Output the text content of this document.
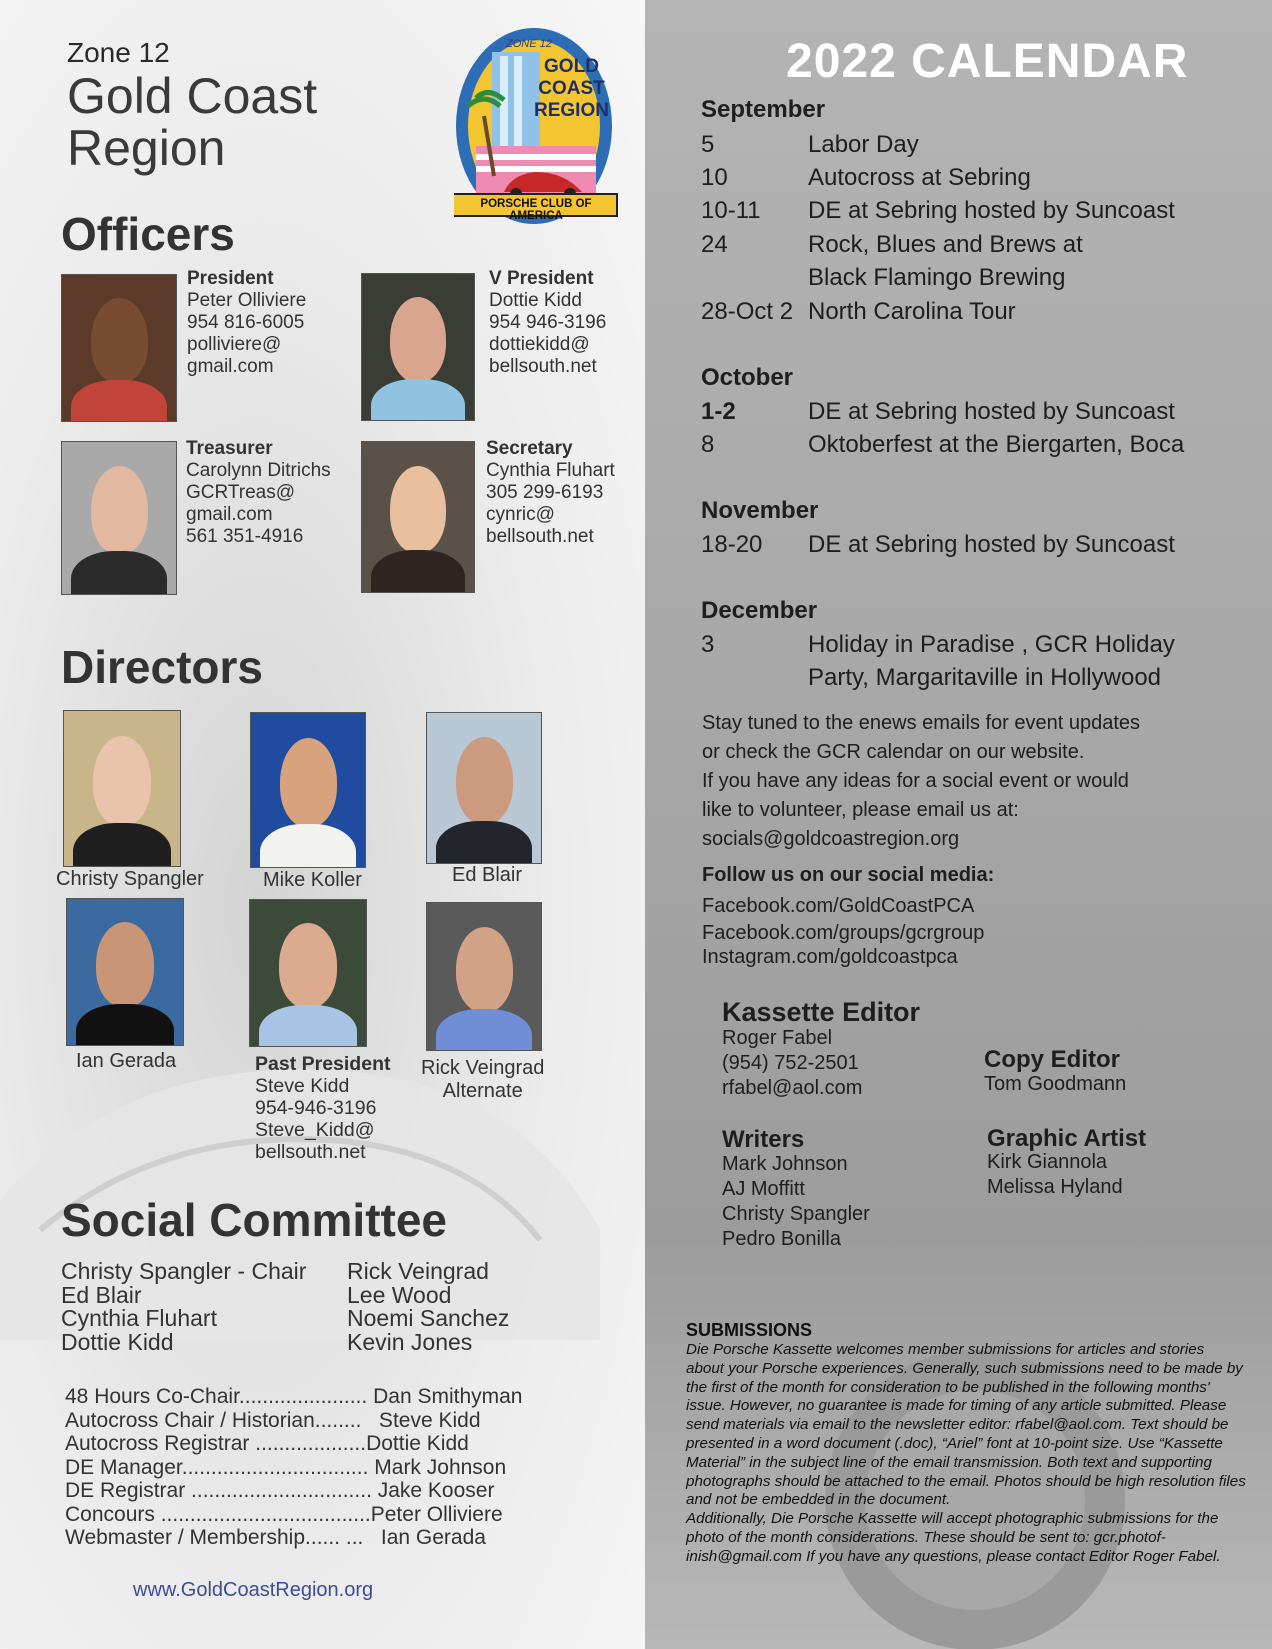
Zone 12
Gold Coast
Region
ZONE 12
GOLD
COAST
REGION
PORSCHE CLUB OF AMERICA
Officers
President
Peter Olliviere
954 816-6005
polliviere@
gmail.com
V President
Dottie Kidd
954 946-3196
dottiekidd@
bellsouth.net
Treasurer
Carolynn Ditrichs
GCRTreas@
gmail.com
561 351-4916
Secretary
Cynthia Fluhart
305 299-6193
cynric@
bellsouth.net
Directors
Christy Spangler	Mike Koller	Ed Blair
Ian Gerada	Past President
Steve Kidd
954-946-3196
Steve_Kidd@
bellsouth.net
Rick Veingrad
Alternate
Social Committee
Christy Spangler - Chair
Ed Blair
Cynthia Fluhart
Dottie Kidd
Rick Veingrad
Lee Wood
Noemi Sanchez
Kevin Jones
48 Hours Co-Chair...................... Dan Smithyman
Autocross Chair / Historian........   Steve Kidd
Autocross Registrar ...................Dottie Kidd
DE Manager................................ Mark Johnson
DE Registrar ............................... Jake Kooser
Concours ....................................Peter Olliviere
Webmaster / Membership...... ...   Ian Gerada
www.GoldCoastRegion.org
2022 CALENDAR
September
5	Labor Day
10	Autocross at Sebring
10-11 DE at Sebring hosted by Suncoast
24	Rock, Blues and Brews at
Black Flamingo Brewing
28-Oct 2 North Carolina Tour
October
1-2	DE at Sebring hosted by Suncoast
8	Oktoberfest at the Biergarten, Boca
November
18-20 DE at Sebring hosted by Suncoast
December
3	Holiday in Paradise , GCR Holiday
Party, Margaritaville in Hollywood
Stay tuned to the enews emails for event updates
or check the GCR calendar on our website.
If you have any ideas for a social event or would
like to volunteer, please email us at:
socials@goldcoastregion.org
Follow us on our social media:
Facebook.com/GoldCoastPCA
Facebook.com/groups/gcrgroup
Instagram.com/goldcoastpca
Kassette Editor
Roger Fabel
(954) 752-2501
rfabel@aol.com
Copy Editor
Tom Goodmann
Writers
Mark Johnson
AJ Moffitt
Christy Spangler
Pedro Bonilla
Graphic Artist
Kirk Giannola
Melissa Hyland
SUBMISSIONS
Die Porsche Kassette welcomes member submissions for articles and stories about your Porsche experiences. Generally, such submissions need to be made by the first of the month for consideration to be published in the following months' issue. However, no guarantee is made for timing of any article submitted. Please send materials via email to the newsletter editor: rfabel@aol.com. Text should be presented in a word document (.doc), “Ariel” font at 10-point size. Use “Kassette Material” in the subject line of the email transmission. Both text and supporting photographs should be attached to the email. Photos should be high resolution files and not be embedded in the document.
Additionally, Die Porsche Kassette will accept photographic submissions for the photo of the month considerations. These should be sent to: gcr.photof-inish@gmail.com If you have any questions, please contact Editor Roger Fabel.
